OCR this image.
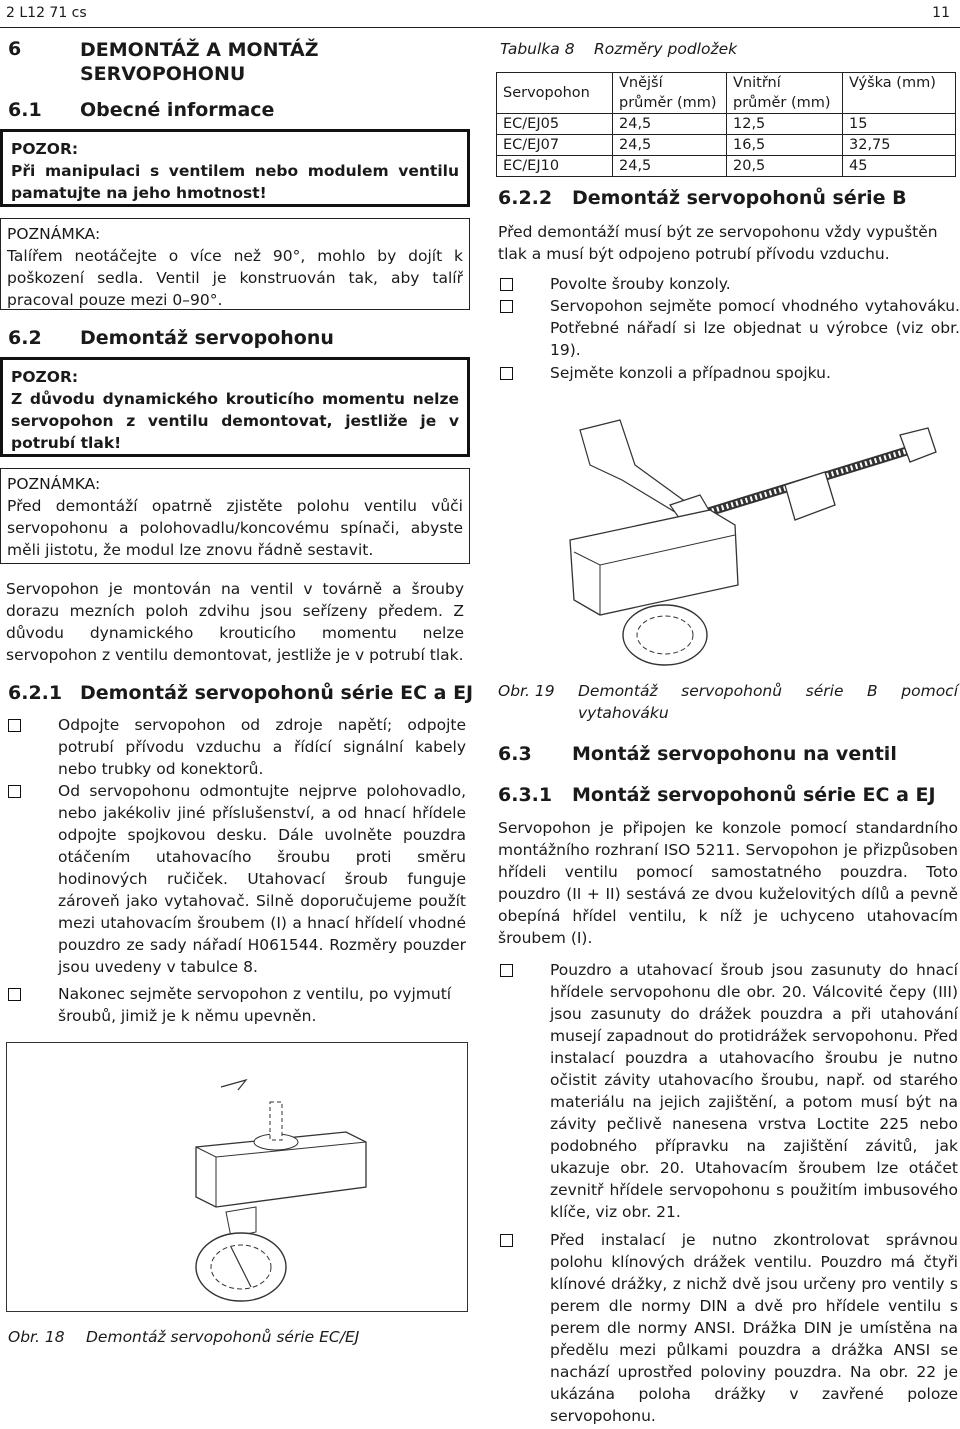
2 L12 71 cs	11
6	DEMONTÁŽ A MONTÁŽ SERVOPOHONU
6.1 Obecné informace
POZOR:
Při manipulaci s ventilem nebo modulem ventilu pamatujte na jeho hmotnost!
POZNÁMKA:
Talířem neotáčejte o více než 90°, mohlo by dojít k poškození sedla. Ventil je konstruován tak, aby talíř pracoval pouze mezi 0–90°.
6.2 Demontáž servopohonu
POZOR:
Z důvodu dynamického krouticího momentu nelze servopohon z ventilu demontovat, jestliže je v potrubí tlak!
POZNÁMKA:
Před demontáží opatrně zjistěte polohu ventilu vůči servopohonu a polohovadlu/koncovému spínači, abyste měli jistotu, že modul lze znovu řádně sestavit.
Servopohon je montován na ventil v továrně a šrouby dorazu mezních poloh zdvihu jsou seřízeny předem. Z důvodu dynamického krouticího momentu nelze servopohon z ventilu demontovat, jestliže je v potrubí tlak.
6.2.1 Demontáž servopohonů série EC a EJ
Odpojte servopohon od zdroje napětí; odpojte potrubí přívodu vzduchu a řídící signální kabely nebo trubky od konektorů.
Od servopohonu odmontujte nejprve polohovadlo, nebo jakékoliv jiné příslušenství, a od hnací hřídele odpojte spojkovou desku. Dále uvolněte pouzdra otáčením utahovacího šroubu proti směru hodinových ručiček. Utahovací šroub funguje zároveň jako vytahovač. Silně doporučujeme použít mezi utahovacím šroubem (I) a hnací hřídelí vhodné pouzdro ze sady nářadí H061544. Rozměry pouzder jsou uvedeny v tabulce 8.
Nakonec sejměte servopohon z ventilu, po vyjmutí šroubů, jimiž je k němu upevněn.
Obr. 18 Demontáž servopohonů série EC/EJ
Tabulka 8 Rozměry podložek
Servopohon	Vnější průměr (mm)	Vnitřní průměr (mm)	Výška (mm)
EC/EJ05	24,5	12,5	15
EC/EJ07	24,5	16,5	32,75
EC/EJ10	24,5	20,5	45
6.2.2 Demontáž servopohonů série B
Před demontáží musí být ze servopohonu vždy vypuštěn tlak a musí být odpojeno potrubí přívodu vzduchu.
Povolte šrouby konzoly.
Servopohon sejměte pomocí vhodného vytahováku. Potřebné nářadí si lze objednat u výrobce (viz obr. 19).
Sejměte konzoli a případnou spojku.
Obr. 19 Demontáž servopohonů série B pomocí vytahováku
6.3 Montáž servopohonu na ventil
6.3.1 Montáž servopohonů série EC a EJ
Servopohon je připojen ke konzole pomocí standardního montážního rozhraní ISO 5211. Servopohon je přizpůsoben hřídeli ventilu pomocí samostatného pouzdra. Toto pouzdro (II + II) sestává ze dvou kuželovitých dílů a pevně obepíná hřídel ventilu, k níž je uchyceno utahovacím šroubem (I).
Pouzdro a utahovací šroub jsou zasunuty do hnací hřídele servopohonu dle obr. 20. Válcovité čepy (III) jsou zasunuty do drážek pouzdra a při utahování musejí zapadnout do protidrážek servopohonu. Před instalací pouzdra a utahovacího šroubu je nutno očistit závity utahovacího šroubu, např. od starého materiálu na jejich zajištění, a potom musí být na závity pečlivě nanesena vrstva Loctite 225 nebo podobného přípravku na zajištění závitů, jak ukazuje obr. 20. Utahovacím šroubem lze otáčet zevnitř hřídele servopohonu s použitím imbusového klíče, viz obr. 21.
Před instalací je nutno zkontrolovat správnou polohu klínových drážek ventilu. Pouzdro má čtyři klínové drážky, z nichž dvě jsou určeny pro ventily s perem dle normy DIN a dvě pro hřídele ventilu s perem dle normy ANSI. Drážka DIN je umístěna na předělu mezi půlkami pouzdra a drážka ANSI se nachází uprostřed poloviny pouzdra. Na obr. 22 je ukázána poloha drážky v zavřené poloze servopohonu.
